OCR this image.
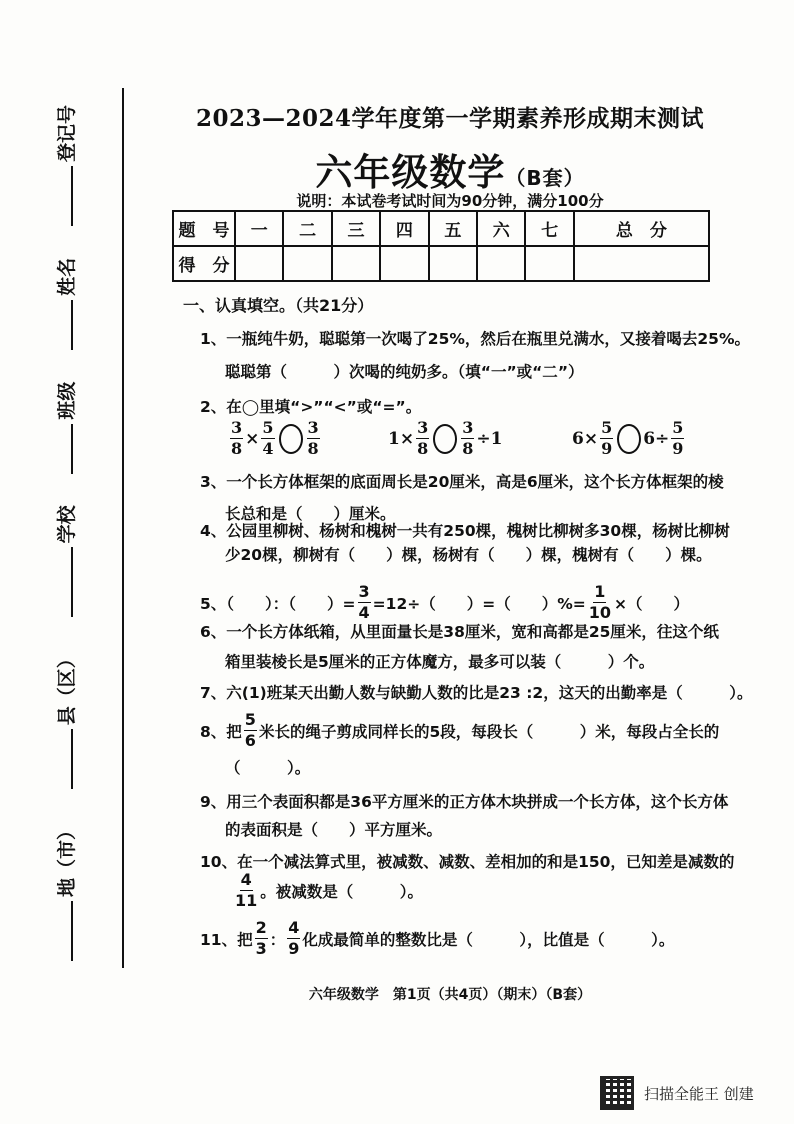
地（市）
县（区）
学校
班级
姓名
登记号	2023—2024学年度第一学期素养形成期末测试
六年级数学（B套）
说明：本试卷考试时间为90分钟，满分100分
题　号	一	二	三	四	五	六	七	总　分
得　分								
一、认真填空。（共21分）
1、一瓶纯牛奶，聪聪第一次喝了25%，然后在瓶里兑满水，又接着喝去25%。
聪聪第（　　　）次喝的纯奶多。（填“一”或“二”）
2、在◯里填“>”“<”或“=”。
$\frac{3}{8} \times \frac{5}{4} \frac{3}{8}$	$1\times \frac{3}{8} \frac{3}{8} \div 1$	$6\times \frac{5}{9} 6\div \frac{5}{9}$
3、一个长方体框架的底面周长是20厘米，高是6厘米，这个长方体框架的棱
长总和是（　　）厘米。
4、公园里柳树、杨树和槐树一共有250棵，槐树比柳树多30棵，杨树比柳树
少20棵，柳树有（　　）棵，杨树有（　　）棵，槐树有（　　）棵。
5、（　　）：（　　）= $\frac{3}{4} =12\div$（　　）=（　　）%= $\frac{1}{10}$ ×（　　）
6、一个长方体纸箱，从里面量长是38厘米，宽和高都是25厘米，往这个纸
箱里装棱长是5厘米的正方体魔方，最多可以装（　　　）个。
7、六(1)班某天出勤人数与缺勤人数的比是23 :2，这天的出勤率是（　　　）。
8、把 $\frac{5}{6}$ 米长的绳子剪成同样长的5段，每段长（　　　）米，每段占全长的
（　　　）。
9、用三个表面积都是36平方厘米的正方体木块拼成一个长方体，这个长方体
的表面积是（　　）平方厘米。
10、在一个减法算式里，被减数、减数、差相加的和是150，已知差是减数的
$\frac{4}{11}$ 。被减数是（　　　）。
11、把 $\frac{2}{3}$ ： $\frac{4}{9}$ 化成最简单的整数比是（　　　），比值是（　　　）。
六年级数学　第1页（共4页）（期末）（B套）
扫描全能王 创建
